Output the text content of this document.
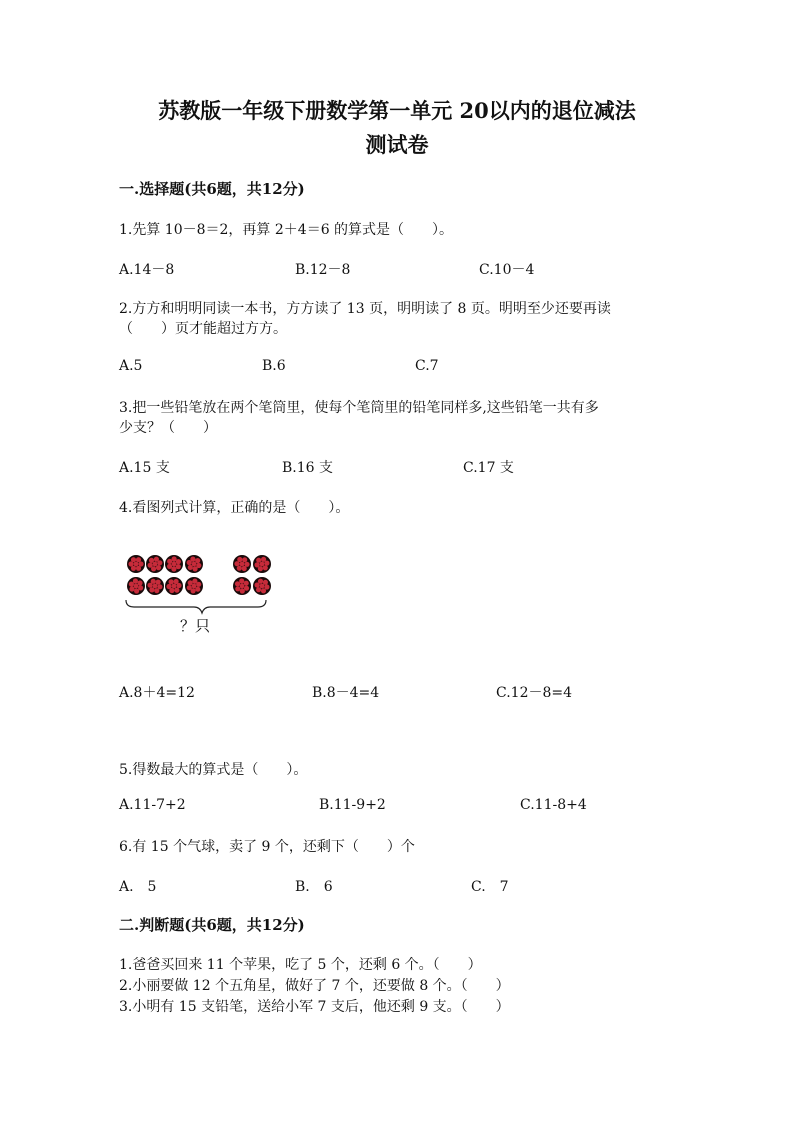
苏教版一年级下册数学第一单元 20以内的退位减法
测试卷
一.选择题(共6题，共12分)
1.先算 10－8＝2，再算 2＋4＝6 的算式是（　　）。
A.14－8	B.12－8	C.10－4
2.方方和明明同读一本书，方方读了 13 页，明明读了 8 页。明明至少还要再读
（　　）页才能超过方方。
A.5	B.6	C.7
3.把一些铅笔放在两个笔筒里，使每个笔筒里的铅笔同样多,这些铅笔一共有多
少支？（　　）
A.15 支	B.16 支	C.17 支
4.看图列式计算，正确的是（　　）。
？只
A.8＋4=12	B.8－4=4	C.12－8=4
5.得数最大的算式是（　　）。
A.11-7+2	B.11-9+2	C.11-8+4
6.有 15 个气球，卖了 9 个，还剩下（　　）个
A.　5	B.　6	C.　7
二.判断题(共6题，共12分)
1.爸爸买回来 11 个苹果，吃了 5 个，还剩 6 个。（　　）
2.小丽要做 12 个五角星，做好了 7 个，还要做 8 个。（　　）
3.小明有 15 支铅笔，送给小军 7 支后，他还剩 9 支。（　　）
